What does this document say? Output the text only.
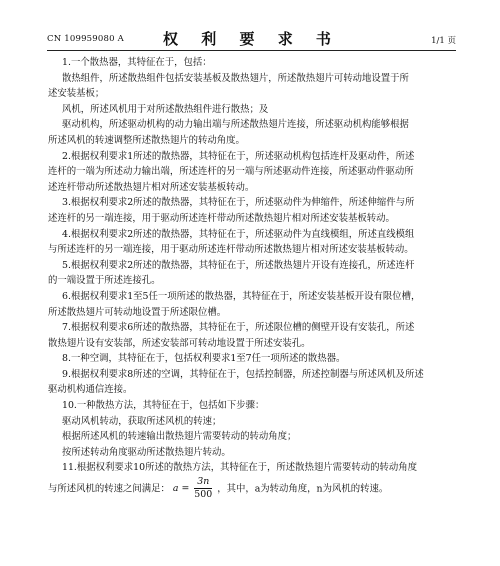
CN 109959080 A	权 利 要 求 书	1/1 页

1.一个散热器，其特征在于，包括：

散热组件，所述散热组件包括安装基板及散热翅片，所述散热翅片可转动地设置于所

述安装基板；

风机，所述风机用于对所述散热组件进行散热；及

驱动机构，所述驱动机构的动力输出端与所述散热翅片连接，所述驱动机构能够根据

所述风机的转速调整所述散热翅片的转动角度。

2.根据权利要求1所述的散热器，其特征在于，所述驱动机构包括连杆及驱动件，所述

连杆的一端为所述动力输出端，所述连杆的另一端与所述驱动件连接，所述驱动件驱动所

述连杆带动所述散热翅片相对所述安装基板转动。

3.根据权利要求2所述的散热器，其特征在于，所述驱动件为伸缩件，所述伸缩件与所

述连杆的另一端连接，用于驱动所述连杆带动所述散热翅片相对所述安装基板转动。

4.根据权利要求2所述的散热器，其特征在于，所述驱动件为直线模组，所述直线模组

与所述连杆的另一端连接，用于驱动所述连杆带动所述散热翅片相对所述安装基板转动。

5.根据权利要求2所述的散热器，其特征在于，所述散热翅片开设有连接孔，所述连杆

的一端设置于所述连接孔。

6.根据权利要求1至5任一项所述的散热器，其特征在于，所述安装基板开设有限位槽，

所述散热翅片可转动地设置于所述限位槽。

7.根据权利要求6所述的散热器，其特征在于，所述限位槽的侧壁开设有安装孔，所述

散热翅片设有安装部，所述安装部可转动地设置于所述安装孔。

8.一种空调，其特征在于，包括权利要求1至7任一项所述的散热器。

9.根据权利要求8所述的空调，其特征在于，包括控制器，所述控制器与所述风机及所述

驱动机构通信连接。

10.一种散热方法，其特征在于，包括如下步骤：

驱动风机转动，获取所述风机的转速；

根据所述风机的转速输出散热翅片需要转动的转动角度；

按所述转动角度驱动所述散热翅片转动。

11.根据权利要求10所述的散热方法，其特征在于，所述散热翅片需要转动的转动角度

与所述风机的转速之间满足： $a = \frac{3n}{500}$ ，其中，a为转动角度，n为风机的转速。
